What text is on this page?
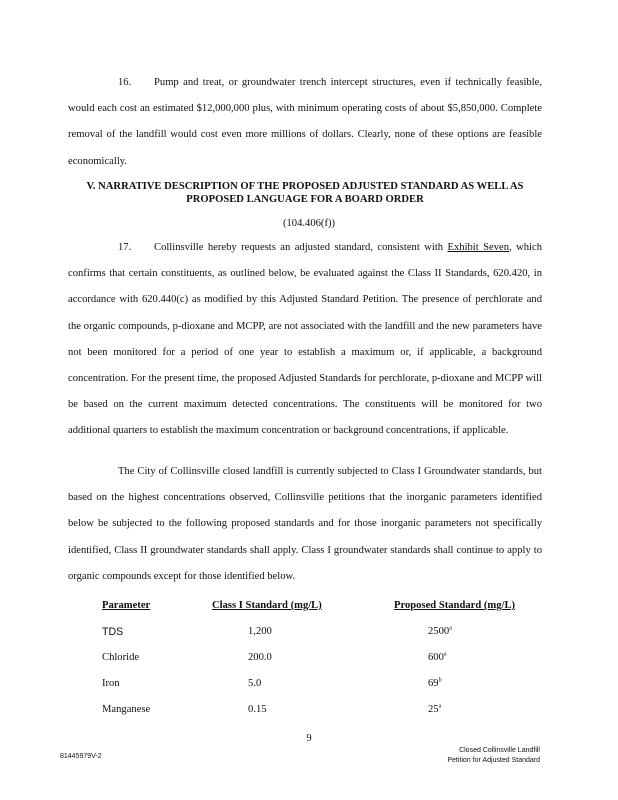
16. Pump and treat, or groundwater trench intercept structures, even if technically feasible, would each cost an estimated $12,000,000 plus, with minimum operating costs of about $5,850,000. Complete removal of the landfill would cost even more millions of dollars. Clearly, none of these options are feasible economically.

V. NARRATIVE DESCRIPTION OF THE PROPOSED ADJUSTED STANDARD AS WELL AS
PROPOSED LANGUAGE FOR A BOARD ORDER
(104.406(f))

17. Collinsville hereby requests an adjusted standard, consistent with Exhibit Seven, which confirms that certain constituents, as outlined below, be evaluated against the Class II Standards, 620.420, in accordance with 620.440(c) as modified by this Adjusted Standard Petition. The presence of perchlorate and the organic compounds, p-dioxane and MCPP, are not associated with the landfill and the new parameters have not been monitored for a period of one year to establish a maximum or, if applicable, a background concentration. For the present time, the proposed Adjusted Standards for perchlorate, p-dioxane and MCPP will be based on the current maximum detected concentrations. The constituents will be monitored for two additional quarters to establish the maximum concentration or background concentrations, if applicable.

The City of Collinsville closed landfill is currently subjected to Class I Groundwater standards, but based on the highest concentrations observed, Collinsville petitions that the inorganic parameters identified below be subjected to the following proposed standards and for those inorganic parameters not specifically identified, Class II groundwater standards shall apply. Class I groundwater standards shall continue to apply to organic compounds except for those identified below.

Parameter	Class I Standard (mg/L)	Proposed Standard (mg/L)
TDS	1,200	2500$^a$
Chloride	200.0	600$^a$
Iron	5.0	69$^b$
Manganese	0.15	25$^a$
9
81445979V-2
Closed Collinsville Landfill
Petition for Adjusted Standard
